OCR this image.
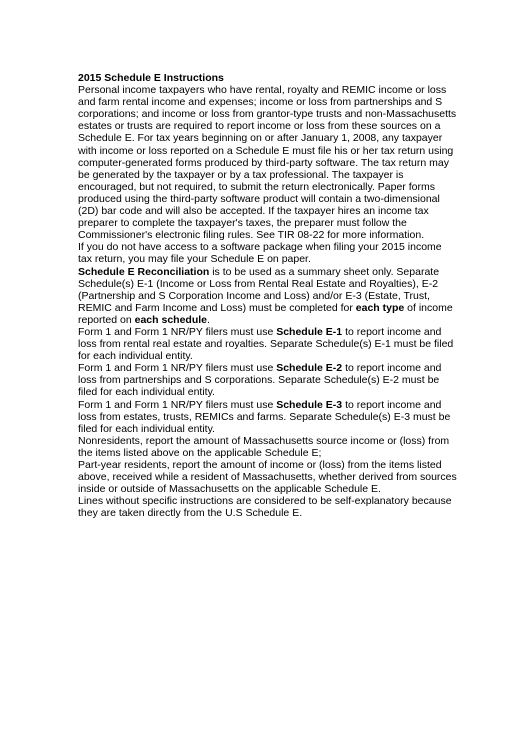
2015 Schedule E Instructions

Personal income taxpayers who have rental, royalty and REMIC income or loss and farm rental income and expenses; income or loss from partnerships and S corporations; and income or loss from grantor-type trusts and non-Massachusetts estates or trusts are required to report income or loss from these sources on a Schedule E. For tax years beginning on or after January 1, 2008, any taxpayer with income or loss reported on a Schedule E must file his or her tax return using computer-generated forms produced by third-party software. The tax return may be generated by the taxpayer or by a tax professional. The taxpayer is encouraged, but not required, to submit the return electronically. Paper forms produced using the third-party software product will contain a two-dimensional (2D) bar code and will also be accepted. If the taxpayer hires an income tax preparer to complete the taxpayer's taxes, the preparer must follow the Commissioner's electronic filing rules. See TIR 08-22 for more information.

If you do not have access to a software package when filing your 2015 income tax return, you may file your Schedule E on paper.

Schedule E Reconciliation is to be used as a summary sheet only. Separate Schedule(s) E-1 (Income or Loss from Rental Real Estate and Royalties), E-2 (Partnership and S Corporation Income and Loss) and/or E-3 (Estate, Trust, REMIC and Farm Income and Loss) must be completed for each type of income reported on each schedule.

Form 1 and Form 1 NR/PY filers must use Schedule E-1 to report income and loss from rental real estate and royalties. Separate Schedule(s) E-1 must be filed for each individual entity.

Form 1 and Form 1 NR/PY filers must use Schedule E-2 to report income and loss from partnerships and S corporations. Separate Schedule(s) E-2 must be filed for each individual entity.

Form 1 and Form 1 NR/PY filers must use Schedule E-3 to report income and loss from estates, trusts, REMICs and farms. Separate Schedule(s) E-3 must be filed for each individual entity.

Nonresidents, report the amount of Massachusetts source income or (loss) from the items listed above on the applicable Schedule E;

Part-year residents, report the amount of income or (loss) from the items listed above, received while a resident of Massachusetts, whether derived from sources inside or outside of Massachusetts on the applicable Schedule E.

Lines without specific instructions are considered to be self-explanatory because they are taken directly from the U.S Schedule E.
